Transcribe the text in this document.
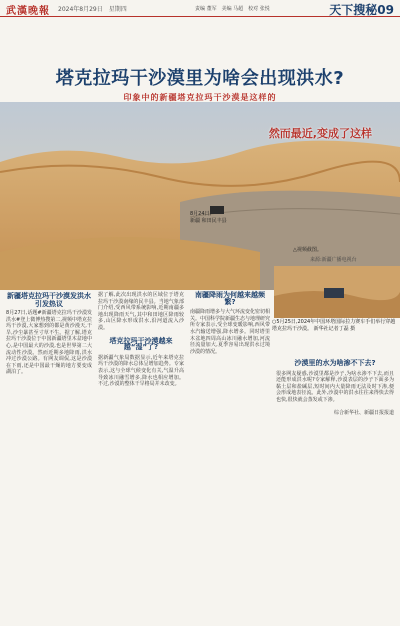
武漢晚報 2024年8月29日　星期四	责编 董军　美编 马超　校对 张悦	天下搜秘09
塔克拉玛干沙漠里为啥会出现洪水?
印象中的新疆塔克拉玛干沙漠是这样的
然而最近,变成了这样
8月24日,
新疆 和田民丰县
△视频截图。
来源:新疆广播电视台
○5月25日,2024年中国环塔国际拉力赛车手们举行穿越塔克拉玛干沙漠。 新华社记者丁磊 摄
新疆塔克拉玛干沙漠发洪水引发热议
8月27日,话题#新疆塔克拉玛干沙漠发洪水#登上微博热搜第二,视频中塔克拉玛干沙漠,大家想到的都是黄沙漫天,干旱,沙尘暴甚至寸草不生。据了解,塔克拉玛干沙漠位于中国新疆塔里木盆地中心,是中国最大的沙漠,也是世界第二大流动性沙漠。然而近期多地降雨,洪水冲过沙漠公路。有网友调侃,这是沙漠在下雨,还是中国最干燥的地方要变成湖泊了。
据了解,此次出现洪水的区域位于塔克拉玛干沙漠南缘的民丰县。当地气象部门介绍,受西风带系统影响,近期南疆多地出现降雨天气,其中和田地区降雨较多,山区降水形成洪水,沿河道流入沙漠。
塔克拉玛干沙漠越来越“湿”了?
据新疆气象局数据显示,近年来塔克拉玛干沙漠的降水总体呈增加趋势。专家表示,这与全球气候变化有关,气温升高导致冰川融雪增多,降水也相应增加。不过,沙漠的整体干旱格局并未改变。
南疆降雨为何越来越频繁?
南疆降雨增多与大气环流变化密切相关。中国科学院新疆生态与地理研究所专家表示,受全球变暖影响,西风带水汽输送增强,降水增多。同时塔里木盆地四周高山冰川融水增加,河流径流量加大,夏季容易出现洪水过境沙漠的情况。
沙漠里的水为啥渗不下去?
很多网友疑惑,沙漠里都是沙子,为啥水渗不下去,而且还能形成洪水呢?专家解释,沙漠表层的沙子下面多为黏土层和盐碱层,短时间内大量降雨无法及时下渗,便会形成地表径流。此外,沙漠中的洪水往往来得快去得也快,很快就会蒸发或下渗。
综合新华社、新疆日报报道
